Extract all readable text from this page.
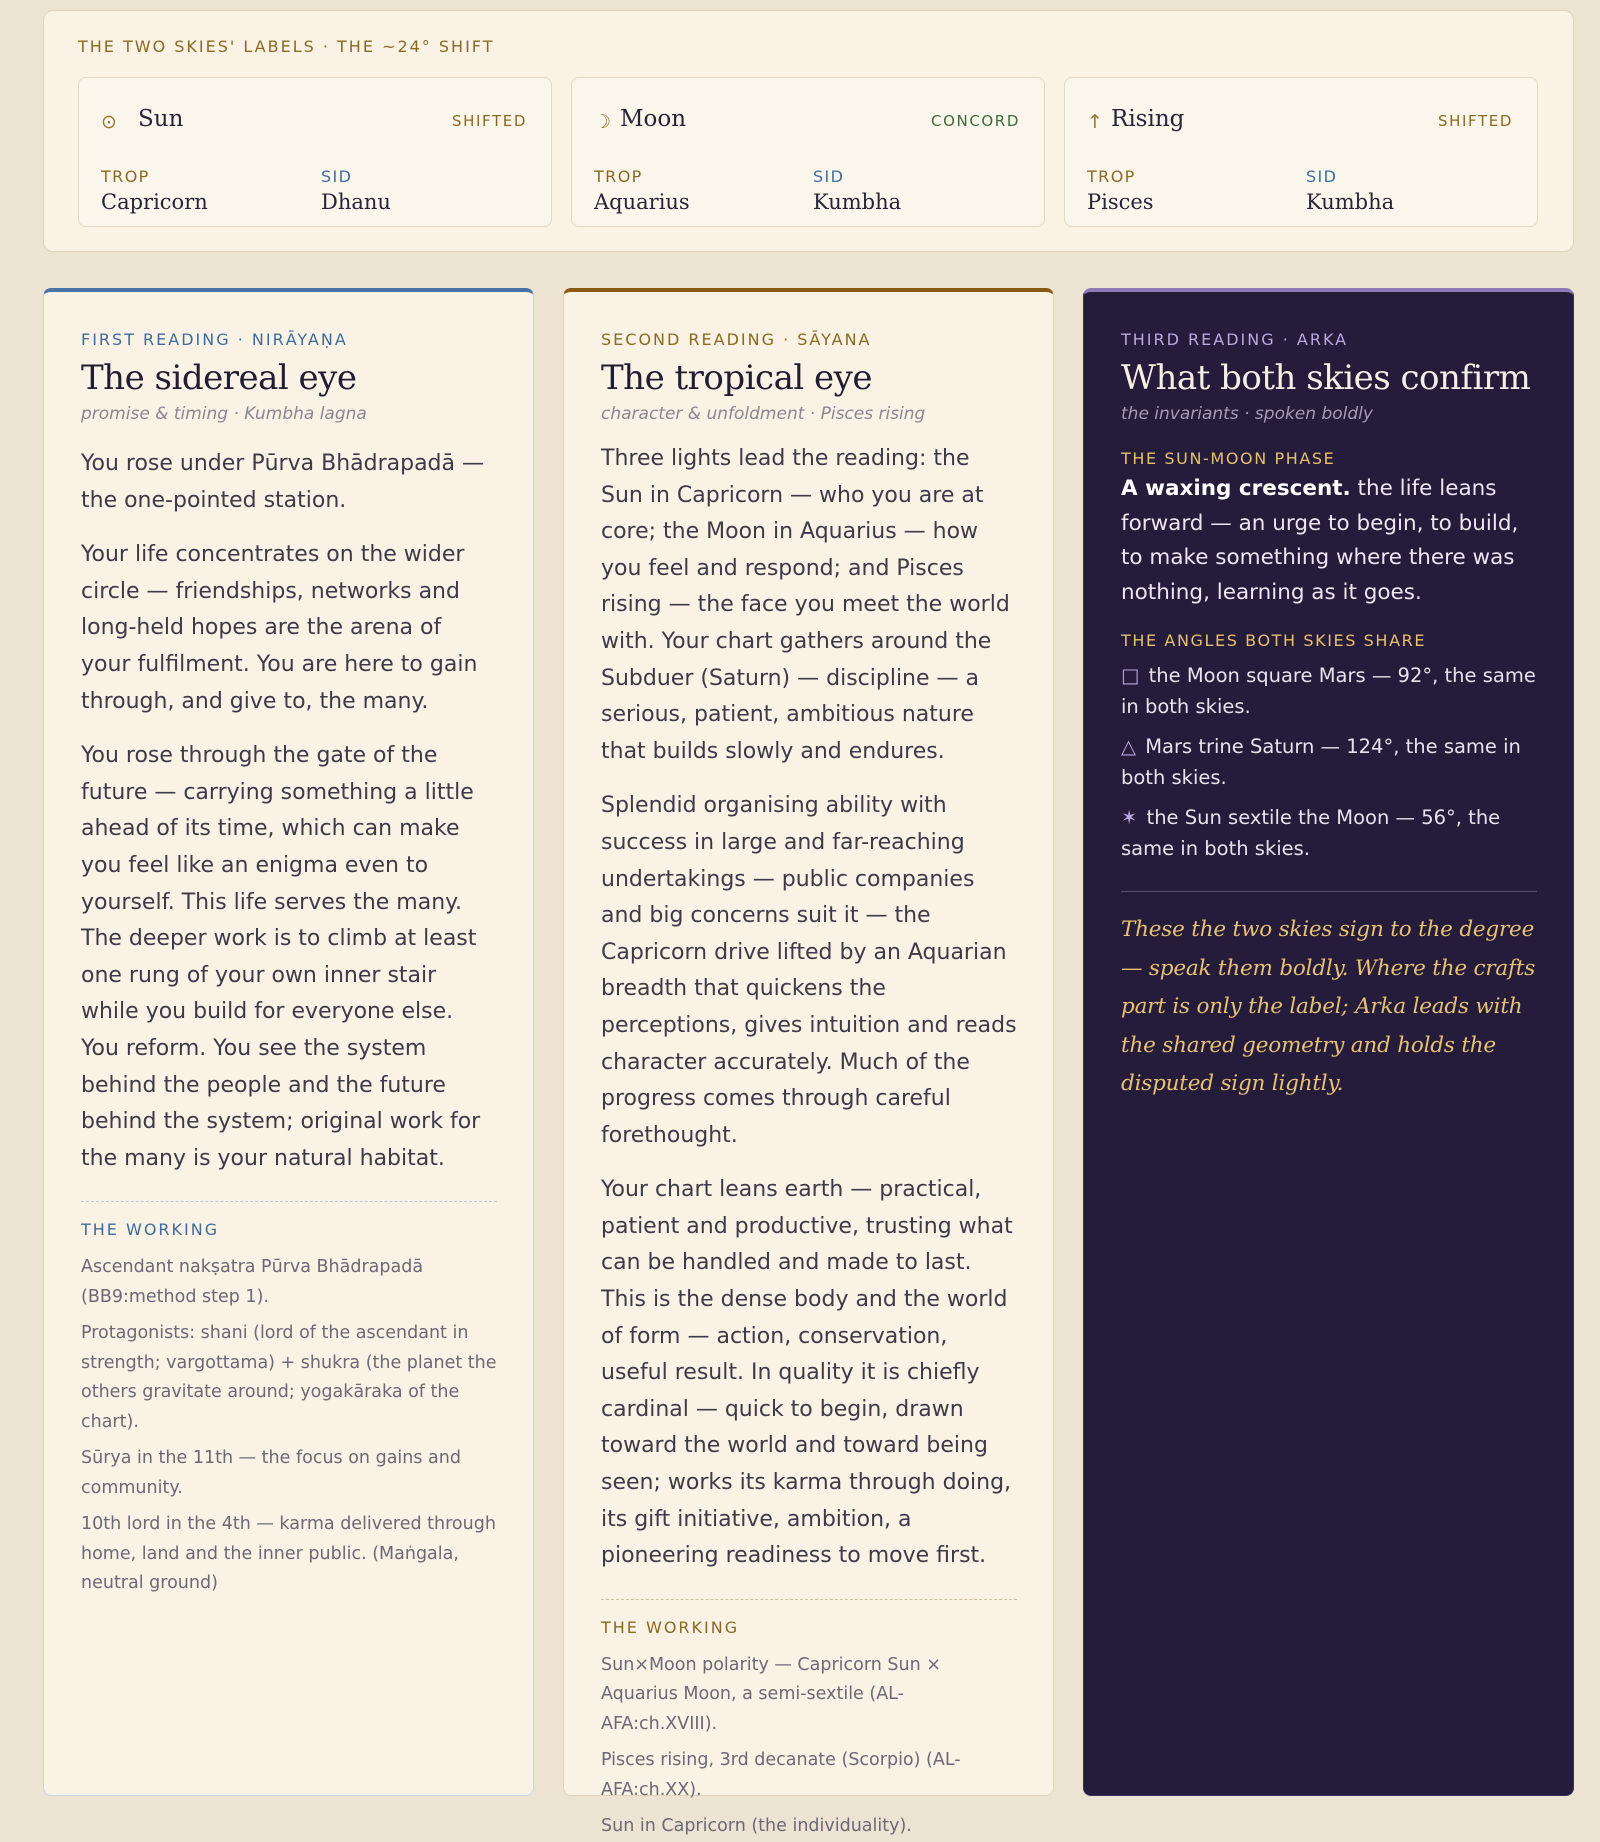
THE TWO SKIES' LABELS · THE ~24° SHIFT
⊙ Sun	SHIFTED
TROP
Capricorn
SID
Dhanu
☽ Moon	CONCORD
TROP
Aquarius
SID
Kumbha
↑ Rising	SHIFTED
TROP
Pisces
SID
Kumbha
FIRST READING · NIRĀYAṆA
The sidereal eye
promise & timing · Kumbha lagna

You rose under Pūrva Bhādrapadā — the one-pointed station.

Your life concentrates on the wider circle — friendships, networks and long-held hopes are the arena of your fulfilment. You are here to gain through, and give to, the many.

You rose through the gate of the future — carrying something a little ahead of its time, which can make you feel like an enigma even to yourself. This life serves the many. The deeper work is to climb at least one rung of your own inner stair while you build for everyone else. You reform. You see the system behind the people and the future behind the system; original work for the many is your natural habitat.

THE WORKING
Ascendant nakṣatra Pūrva Bhādrapadā (BB9:method step 1).
Protagonists: shani (lord of the ascendant in strength; vargottama) + shukra (the planet the others gravitate around; yogakāraka of the chart).
Sūrya in the 11th — the focus on gains and community.
10th lord in the 4th — karma delivered through home, land and the inner public. (Maṅgala, neutral ground)
SECOND READING · SĀYANA
The tropical eye
character & unfoldment · Pisces rising

Three lights lead the reading: the Sun in Capricorn — who you are at core; the Moon in Aquarius — how you feel and respond; and Pisces rising — the face you meet the world with. Your chart gathers around the Subduer (Saturn) — discipline — a serious, patient, ambitious nature that builds slowly and endures.

Splendid organising ability with success in large and far-reaching undertakings — public companies and big concerns suit it — the Capricorn drive lifted by an Aquarian breadth that quickens the perceptions, gives intuition and reads character accurately. Much of the progress comes through careful forethought.

Your chart leans earth — practical, patient and productive, trusting what can be handled and made to last. This is the dense body and the world of form — action, conservation, useful result. In quality it is chiefly cardinal — quick to begin, drawn toward the world and toward being seen; works its karma through doing, its gift initiative, ambition, a pioneering readiness to move first.

THE WORKING
Sun×Moon polarity — Capricorn Sun × Aquarius Moon, a semi-sextile (AL-AFA:ch.XVIII).
Pisces rising, 3rd decanate (Scorpio) (AL-AFA:ch.XX).
Sun in Capricorn (the individuality).
THIRD READING · ARKA
What both skies confirm
the invariants · spoken boldly
THE SUN-MOON PHASE

A waxing crescent. the life leans forward — an urge to begin, to build, to make something where there was nothing, learning as it goes.

THE ANGLES BOTH SKIES SHARE

□ the Moon square Mars — 92°, the same in both skies.

△ Mars trine Saturn — 124°, the same in both skies.

✶ the Sun sextile the Moon — 56°, the same in both skies.

These the two skies sign to the degree — speak them boldly. Where the crafts part is only the label; Arka leads with the shared geometry and holds the disputed sign lightly.
